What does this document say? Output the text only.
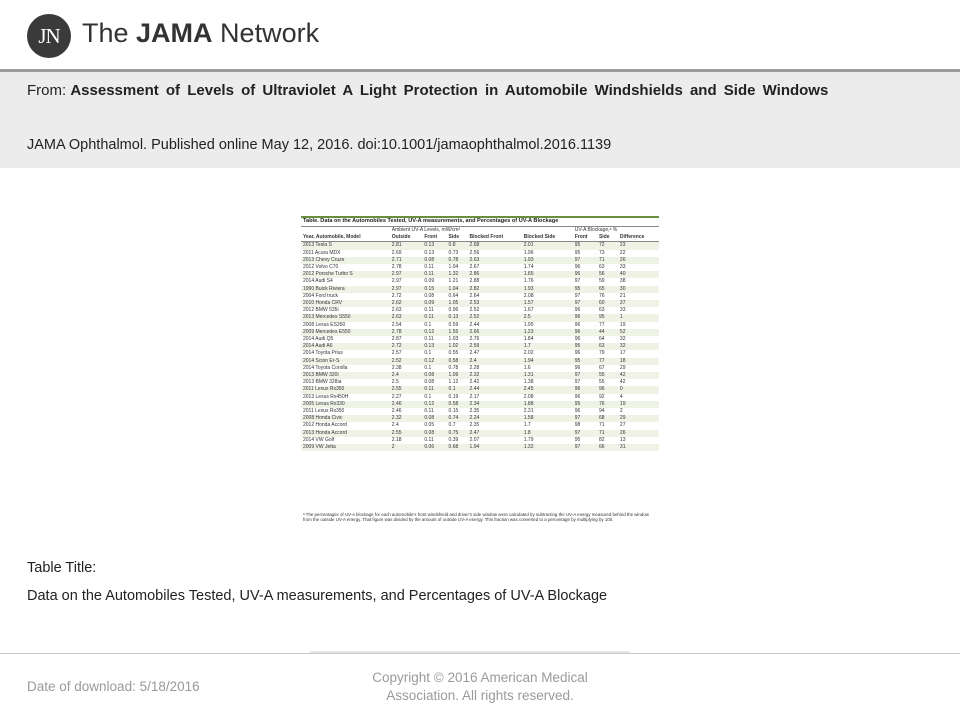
JN The JAMA Network
From: Assessment of Levels of Ultraviolet A Light Protection in Automobile Windshields and Side Windows
JAMA Ophthalmol. Published online May 12, 2016. doi:10.1001/jamaophthalmol.2016.1139
Table. Data on the Automobiles Tested, UV-A measurements, and Percentages of UV-A Blockage
	Ambient UV-A Levels, mW/cm²					UV-A Blockage,ᵃ %		
Year, Automobile, Model	Outside	Front	Side	Blocked Front	Blocked Side	Front	Side	Difference
2013 Tesla S	2.81	0.13	0.8	2.68	2.01	95	72	23
2011 Acura MDX	2.69	0.13	0.73	2.56	1.96	95	73	22
2013 Chevy Cruze	2.71	0.08	0.78	2.63	1.93	97	71	26
2012 Volvo C70	2.78	0.11	1.04	2.67	1.74	96	63	33
2012 Porsche Turbo S	2.97	0.11	1.32	2.86	1.65	96	56	40
2014 Audi S4	2.97	0.09	1.21	2.88	1.76	97	59	38
1990 Buick Riviera	2.97	0.15	1.04	2.82	1.93	95	65	30
2004 Ford truck	2.72	0.08	0.64	2.64	2.08	97	76	21
2010 Honda CRV	2.62	0.09	1.05	2.53	1.57	97	60	37
2012 BMW 535i	2.63	0.11	0.96	2.52	1.67	96	63	33
2013 Mercedes S550	2.63	0.11	0.13	2.52	2.5	96	95	1
2008 Lexus ES350	2.54	0.1	0.59	2.44	1.95	96	77	19
2009 Mercedes E550	2.78	0.12	1.55	2.66	1.23	96	44	52
2014 Audi Q5	2.87	0.11	1.03	2.76	1.84	96	64	32
2014 Audi A6	2.72	0.13	1.02	2.59	1.7	95	63	32
2014 Toyota Prius	2.57	0.1	0.55	2.47	2.02	96	79	17
2014 Scion Er-S	2.52	0.12	0.58	2.4	1.94	95	77	18
2014 Toyota Corolla	2.38	0.1	0.78	2.28	1.6	96	67	29
2013 BMW 320i	2.4	0.08	1.09	2.32	1.31	97	55	42
2013 BMW 328ia	2.5	0.08	1.12	2.42	1.38	97	55	42
2011 Lexus Rx350	2.55	0.11	0.1	2.44	2.45	96	96	0
2013 Lexus Rx450H	2.27	0.1	0.19	2.17	2.08	96	92	4
2005 Lexus Rx330	2.46	0.12	0.58	2.34	1.88	95	76	19
2011 Lexus Rx350	2.46	0.11	0.15	2.35	2.31	96	94	2
2008 Honda Civic	2.32	0.08	0.74	2.24	1.58	97	68	29
2012 Honda Accord	2.4	0.05	0.7	2.35	1.7	98	71	27
2013 Honda Accord	2.55	0.08	0.75	2.47	1.8	97	71	26
2014 VW Golf	2.18	0.11	0.39	2.07	1.79	95	82	13
2009 VW Jetta	2	0.06	0.68	1.94	1.32	97	66	31
ᵃ The percentages of UV-A blockage for each automobile's front windshield and driver's side window were calculated by subtracting the UV-A energy measured behind the window from the outside UV-A energy. That figure was divided by the amount of outside UV-A energy. This fraction was converted to a percentage by multiplying by 100.
Table Title:
Data on the Automobiles Tested, UV-A measurements, and Percentages of UV-A Blockage
Date of download: 5/18/2016
Copyright © 2016 American Medical
Association. All rights reserved.
